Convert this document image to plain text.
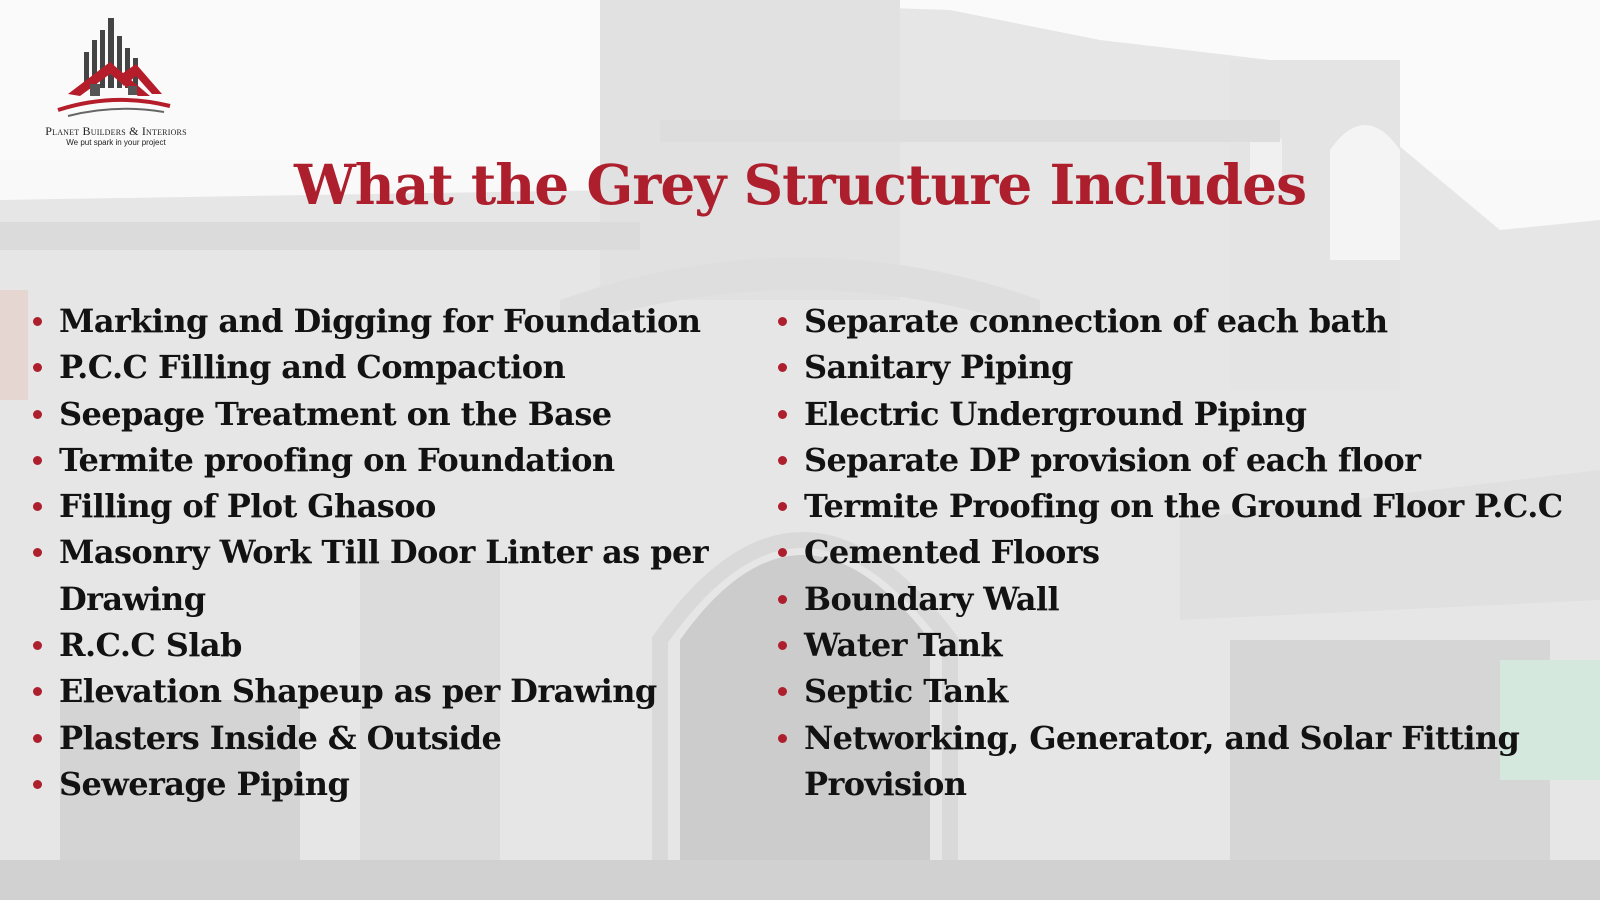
Planet Builders & Interiors
We put spark in your project
What the Grey Structure Includes
Marking and Digging for Foundation
P.C.C Filling and Compaction
Seepage Treatment on the Base
Termite proofing on Foundation
Filling of Plot Ghasoo
Masonry Work Till Door Linter as per Drawing
R.C.C Slab
Elevation Shapeup as per Drawing
Plasters Inside & Outside
Sewerage Piping
Separate connection of each bath
Sanitary Piping
Electric Underground Piping
Separate DP provision of each floor
Termite Proofing on the Ground Floor P.C.C
Cemented Floors
Boundary Wall
Water Tank
Septic Tank
Networking, Generator, and Solar Fitting Provision
